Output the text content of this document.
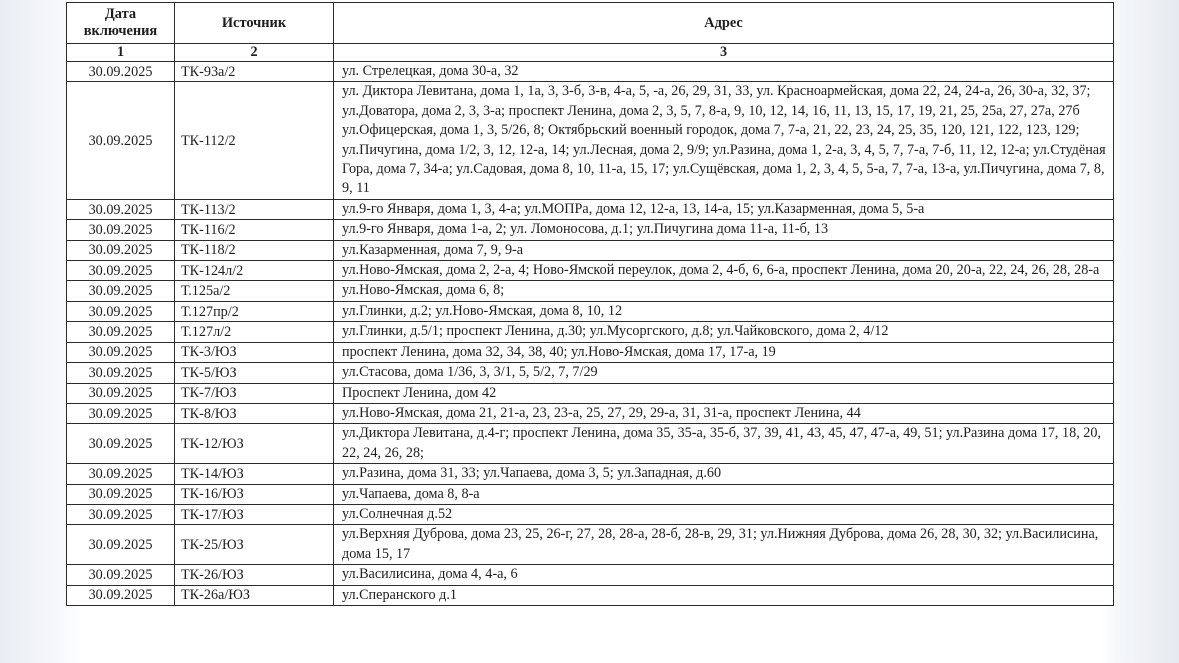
Дата включения	Источник	Адрес
1	2	3
30.09.2025	ТК-93а/2	ул. Стрелецкая, дома 30-а, 32
30.09.2025	ТК-112/2	ул. Диктора Левитана, дома 1, 1а, 3, 3-б, 3-в, 4-а, 5, -а, 26, 29, 31, 33, ул. Красноармейская, дома 22, 24, 24-а, 26, 30-а, 32, 37; ул.Доватора, дома 2, 3, 3-а; проспект Ленина, дома 2, 3, 5, 7, 8-а, 9, 10, 12, 14, 16, 11, 13, 15, 17, 19, 21, 25, 25а, 27, 27а, 27б ул.Офицерская, дома 1, 3, 5/26, 8; Октябрьский военный городок, дома 7, 7-а, 21, 22, 23, 24, 25, 35, 120, 121, 122, 123, 129; ул.Пичугина, дома 1/2, 3, 12, 12-а, 14; ул.Лесная, дома 2, 9/9; ул.Разина, дома 1, 2-а, 3, 4, 5, 7, 7-а, 7-б, 11, 12, 12-а; ул.Студёная Гора, дома 7, 34-а; ул.Садовая, дома 8, 10, 11-а, 15, 17; ул.Сущёвская, дома 1, 2, 3, 4, 5, 5-а, 7, 7-а, 13-а, ул.Пичугина, дома 7, 8, 9, 11
30.09.2025	ТК-113/2	ул.9-го Января, дома 1, 3, 4-а; ул.МОПРа, дома 12, 12-а, 13, 14-а, 15; ул.Казарменная, дома 5, 5-а
30.09.2025	ТК-116/2	ул.9-го Января, дома 1-а, 2; ул. Ломоносова, д.1; ул.Пичугина дома 11-а, 11-б, 13
30.09.2025	ТК-118/2	ул.Казарменная, дома 7, 9, 9-а
30.09.2025	ТК-124л/2	ул.Ново-Ямская, дома 2, 2-а, 4; Ново-Ямской переулок, дома 2, 4-б, 6, 6-а, проспект Ленина, дома 20, 20-а, 22, 24, 26, 28, 28-а
30.09.2025	Т.125а/2	ул.Ново-Ямская, дома 6, 8;
30.09.2025	Т.127пр/2	ул.Глинки, д.2; ул.Ново-Ямская, дома 8, 10, 12
30.09.2025	Т.127л/2	ул.Глинки, д.5/1; проспект Ленина, д.30; ул.Мусоргского, д.8; ул.Чайковского, дома 2, 4/12
30.09.2025	ТК-3/ЮЗ	проспект Ленина, дома 32, 34, 38, 40; ул.Ново-Ямская, дома 17, 17-а, 19
30.09.2025	ТК-5/ЮЗ	ул.Стасова, дома 1/36, 3, 3/1, 5, 5/2, 7, 7/29
30.09.2025	ТК-7/ЮЗ	Проспект Ленина, дом 42
30.09.2025	ТК-8/ЮЗ	ул.Ново-Ямская, дома 21, 21-а, 23, 23-а, 25, 27, 29, 29-а, 31, 31-а, проспект Ленина, 44
30.09.2025	ТК-12/ЮЗ	ул.Диктора Левитана, д.4-г; проспект Ленина, дома 35, 35-а, 35-б, 37, 39, 41, 43, 45, 47, 47-а, 49, 51; ул.Разина дома 17, 18, 20, 22, 24, 26, 28;
30.09.2025	ТК-14/ЮЗ	ул.Разина, дома 31, 33; ул.Чапаева, дома 3, 5; ул.Западная, д.60
30.09.2025	ТК-16/ЮЗ	ул.Чапаева, дома 8, 8-а
30.09.2025	ТК-17/ЮЗ	ул.Солнечная д.52
30.09.2025	ТК-25/ЮЗ	ул.Верхняя Дуброва, дома 23, 25, 26-г, 27, 28, 28-а, 28-б, 28-в, 29, 31; ул.Нижняя Дуброва, дома 26, 28, 30, 32; ул.Василисина, дома 15, 17
30.09.2025	ТК-26/ЮЗ	ул.Василисина, дома 4, 4-а, 6
30.09.2025	ТК-26а/ЮЗ	ул.Сперанского д.1
